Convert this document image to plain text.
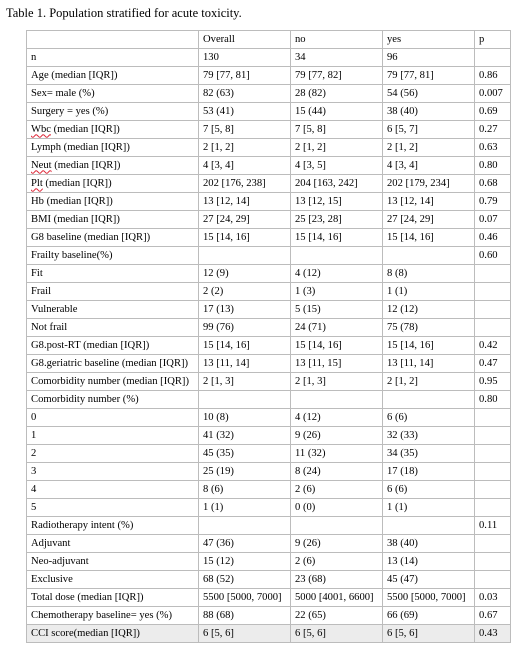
Table 1. Population stratified for acute toxicity.
	Overall	no	yes	p
n	130	34	96	
Age (median [IQR])	79 [77, 81]	79 [77, 82]	79 [77, 81]	0.86
Sex= male (%)	82 (63)	28 (82)	54 (56)	0.007
Surgery = yes (%)	53 (41)	15 (44)	38 (40)	0.69
Wbc (median [IQR])	7 [5, 8]	7 [5, 8]	6 [5, 7]	0.27
Lymph (median [IQR])	2 [1, 2]	2 [1, 2]	2 [1, 2]	0.63
Neut (median [IQR])	4 [3, 4]	4 [3, 5]	4 [3, 4]	0.80
Plt (median [IQR])	202 [176, 238]	204 [163, 242]	202 [179, 234]	0.68
Hb (median [IQR])	13 [12, 14]	13 [12, 15]	13 [12, 14]	0.79
BMI (median [IQR])	27 [24, 29]	25 [23, 28]	27 [24, 29]	0.07
G8 baseline (median [IQR])	15 [14, 16]	15 [14, 16]	15 [14, 16]	0.46
Frailty baseline(%)				0.60
Fit	12 (9)	4 (12)	8 (8)	
Frail	2 (2)	1 (3)	1 (1)	
Vulnerable	17 (13)	5 (15)	12 (12)	
Not frail	99 (76)	24 (71)	75 (78)	
G8.post-RT (median [IQR])	15 [14, 16]	15 [14, 16]	15 [14, 16]	0.42
G8.geriatric baseline (median [IQR])	13 [11, 14]	13 [11, 15]	13 [11, 14]	0.47
Comorbidity number (median [IQR])	2 [1, 3]	2 [1, 3]	2 [1, 2]	0.95
Comorbidity number (%)				0.80
0	10 (8)	4 (12)	6 (6)	
1	41 (32)	9 (26)	32 (33)	
2	45 (35)	11 (32)	34 (35)	
3	25 (19)	8 (24)	17 (18)	
4	8 (6)	2 (6)	6 (6)	
5	1 (1)	0 (0)	1 (1)	
Radiotherapy intent (%)				0.11
Adjuvant	47 (36)	9 (26)	38 (40)	
Neo-adjuvant	15 (12)	2 (6)	13 (14)	
Exclusive	68 (52)	23 (68)	45 (47)	
Total dose (median [IQR])	5500 [5000, 7000]	5000 [4001, 6600]	5500 [5000, 7000]	0.03
Chemotherapy baseline= yes (%)	88 (68)	22 (65)	66 (69)	0.67
CCI score(median [IQR])	6 [5, 6]	6 [5, 6]	6 [5, 6]	0.43
